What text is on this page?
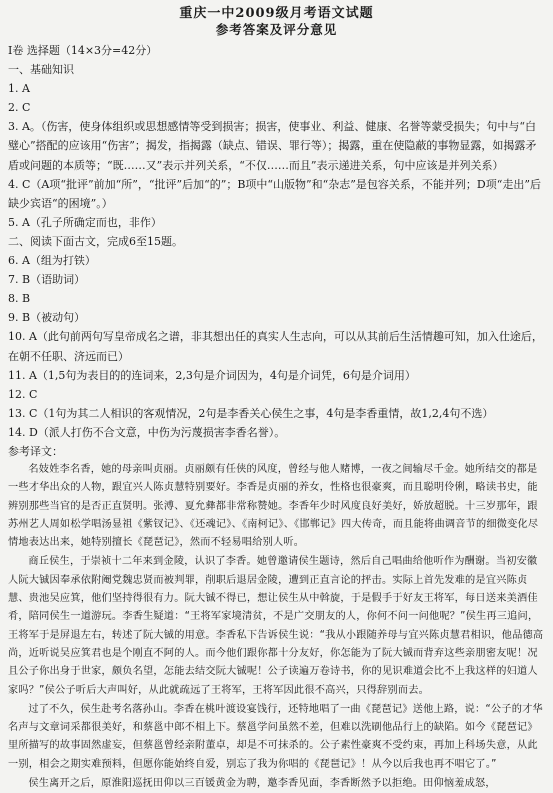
重庆一中2009级月考语文试题
参考答案及评分意见

Ⅰ卷 选择题（14×3分=42分）

一、基础知识

1. A

2. C

3. A。（伤害，使身体组织或思想感情等受到损害；损害，使事业、利益、健康、名誉等蒙受损失；句中与“白璧心”搭配的应该用“伤害”；揭发，指揭露（缺点、错误、罪行等）；揭露，重在使隐蔽的事物显露，如揭露矛盾或问题的本质等；“既……又”表示并列关系，“不仅……而且”表示递进关系，句中应该是并列关系）

4. C（A项“批评”前加“所”，“批评”后加“的”；B项中“山版物”和“杂志”是包容关系，不能并列；D项“走出”后缺少宾语“的困境”。）

5. A（孔子所确定而也，非作）

二、阅读下面古文，完成6至15题。

6. A（组为打铁）

7. B（语助词）

8. B

9. B（被动句）

10. A（此句前两句写皇帝成名之谱，非其想出任的真实人生志向，可以从其前后生活情趣可知，加入仕途后，在朝不任职、济远而已）

11. A（1,5句为表目的的连词来，2,3句是介词因为，4句是介词凭，6句是介词用）

12. C

13. C（1句为其二人相识的客观情况，2句是李香关心侯生之事，4句是李香重情，故1,2,4句不选）

14. D（派人打伤不合文意，中伤为污蔑损害李香名誉）。

参考译文：

名妓姓李名香，她的母亲叫贞丽。贞丽颇有任侠的风度，曾经与他人赌博，一夜之间输尽千金。她所结交的都是一些才华出众的人物，跟宜兴人陈贞慧特别要好。李香是贞丽的养女，性格也很豪爽，而且聪明伶俐，略读书史，能辨别那些当官的是否正直贤明。张溥、夏允彝都非常称赞她。李香年少时风度良好美好，娇放超脱。十三岁那年，跟苏州艺人周如松学唱汤显祖《紫钗记》、《还魂记》、《南柯记》、《邯郸记》四大传奇，而且能将曲调音节的细微变化尽情地表达出来，她特别擅长《琵琶记》，然而不轻易唱给别人听。

商丘侯生，于崇祯十二年来到金陵，认识了李香。她曾邀请侯生题诗，然后自己唱曲给他听作为酬谢。当初安徽人阮大铖因奉承依附阉党魏忠贤而被判罪，削职后退居金陵，遭到正直言论的抨击。实际上首先发难的是宜兴陈贞慧、贵池吴应箕，他们坚持得很有力。阮大铖不得已，想让侯生从中斡旋，于是假手于好友王将军，每日送来美酒佳肴，陪同侯生一道游玩。李香生疑道：“王将军家境清贫，不是广交朋友的人，你何不问一问他呢？”侯生再三追问，王将军于是屏退左右，转述了阮大铖的用意。李香私下告诉侯生说：“我从小跟随养母与宜兴陈贞慧君相识，他品德高尚，近听说吴应箕君也是个刚直不阿的人。而今他们跟你都十分友好，你怎能为了阮大铖而背弃这些亲朋密友呢！况且公子你出身于世家，颇负名望，怎能去结交阮大铖呢！公子读遍万卷诗书，你的见识难道会比不上我这样的妇道人家吗？”侯公子听后大声叫好，从此就疏远了王将军，王将军因此很不高兴，只得辞别而去。

过了不久，侯生赴考名落孙山。李香在桃叶渡设宴饯行，还特地唱了一曲《琵琶记》送他上路，说：“公子的才华名声与文章词采都很美好，和蔡邕中郎不相上下。蔡邕学问虽然不差，但难以洗刷他品行上的缺陷。如今《琵琶记》里所描写的故事固然虚妄，但蔡邕曾经亲附董卓，却是不可抹杀的。公子素性豪爽不受约束，再加上科场失意，从此一别，相会之期实难预料，但愿你能始终自爱，别忘了我为你唱的《琵琶记》！从今以后我也再不唱它了。”

侯生离开之后，原淮阳巡抚田仰以三百锾黄金为聘，邀李香见面，李香断然予以拒绝。田仰恼羞成怒，
